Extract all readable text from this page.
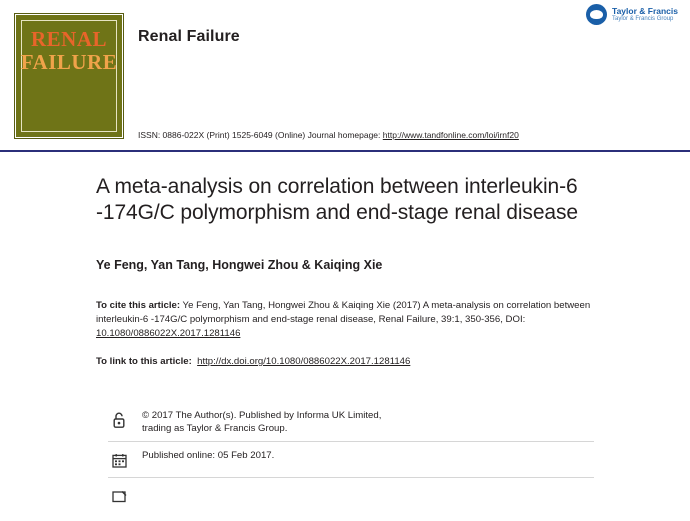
RENAL
FAILURE
Renal Failure
Taylor & Francis
Taylor & Francis Group
ISSN: 0886-022X (Print) 1525-6049 (Online) Journal homepage: http://www.tandfonline.com/loi/irnf20
A meta-analysis on correlation between interleukin-6 -174G/C polymorphism and end-stage renal disease
Ye Feng, Yan Tang, Hongwei Zhou & Kaiqing Xie
To cite this article: Ye Feng, Yan Tang, Hongwei Zhou & Kaiqing Xie (2017) A meta-analysis on correlation between interleukin-6 -174G/C polymorphism and end-stage renal disease, Renal Failure, 39:1, 350-356, DOI: 10.1080/0886022X.2017.1281146
To link to this article: http://dx.doi.org/10.1080/0886022X.2017.1281146
© 2017 The Author(s). Published by Informa UK Limited, trading as Taylor & Francis Group.
Published online: 05 Feb 2017.
